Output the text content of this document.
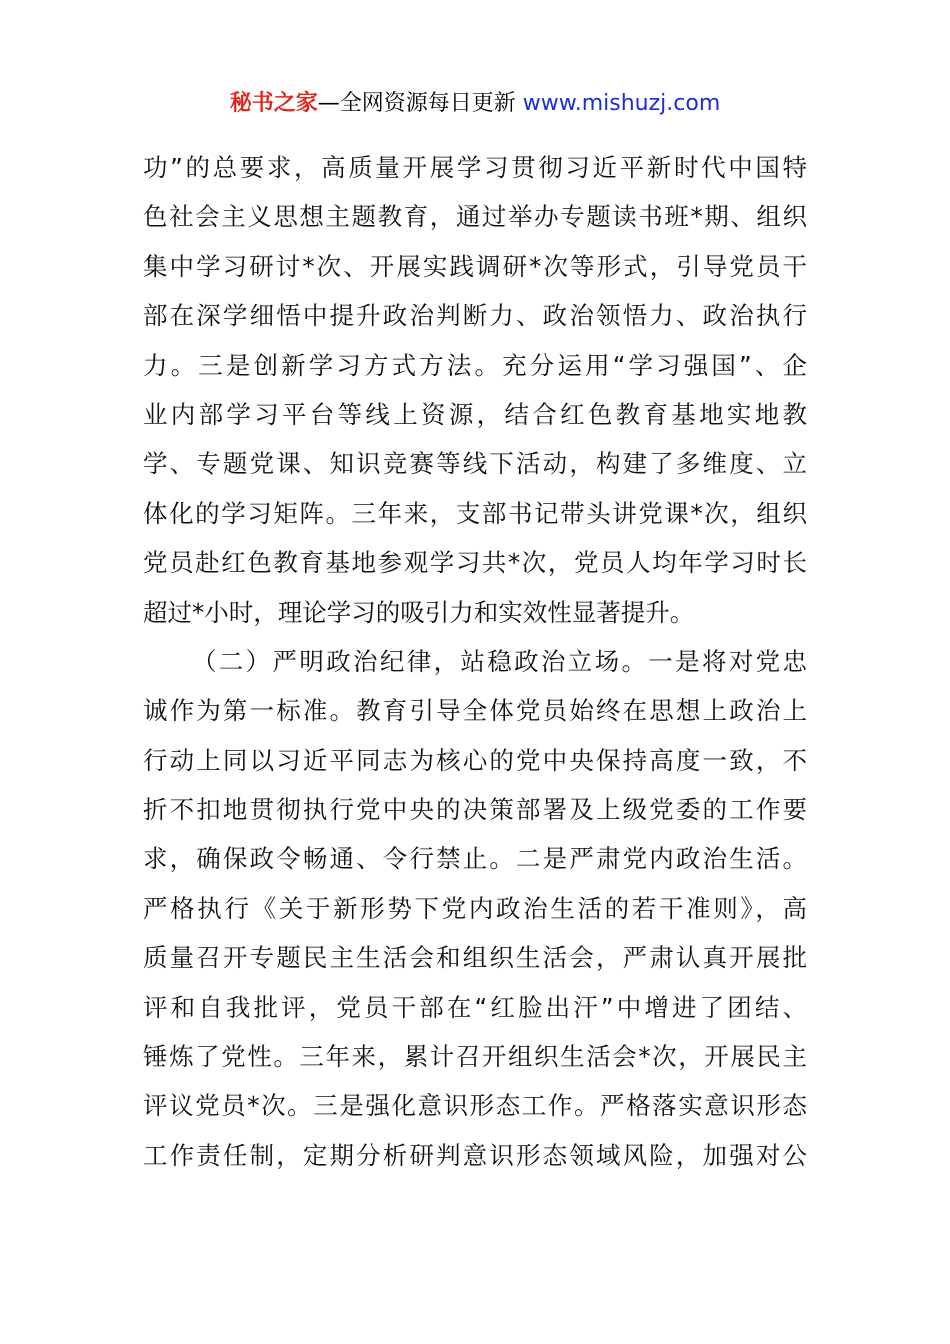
秘书之家—全网资源每日更新 www.mishuzj.com
功”的总要求，高质量开展学习贯彻习近平新时代中国特
色社会主义思想主题教育，通过举办专题读书班*期、组织
集中学习研讨*次、开展实践调研*次等形式，引导党员干
部在深学细悟中提升政治判断力、政治领悟力、政治执行
力。三是创新学习方式方法。充分运用“学习强国”、企
业内部学习平台等线上资源，结合红色教育基地实地教
学、专题党课、知识竞赛等线下活动，构建了多维度、立
体化的学习矩阵。三年来，支部书记带头讲党课*次，组织
党员赴红色教育基地参观学习共*次，党员人均年学习时长
超过*小时，理论学习的吸引力和实效性显著提升。
（二）严明政治纪律，站稳政治立场。一是将对党忠
诚作为第一标准。教育引导全体党员始终在思想上政治上
行动上同以习近平同志为核心的党中央保持高度一致，不
折不扣地贯彻执行党中央的决策部署及上级党委的工作要
求，确保政令畅通、令行禁止。二是严肃党内政治生活。
严格执行《关于新形势下党内政治生活的若干准则》，高
质量召开专题民主生活会和组织生活会，严肃认真开展批
评和自我批评，党员干部在“红脸出汗”中增进了团结、
锤炼了党性。三年来，累计召开组织生活会*次，开展民主
评议党员*次。三是强化意识形态工作。严格落实意识形态
工作责任制，定期分析研判意识形态领域风险，加强对公
